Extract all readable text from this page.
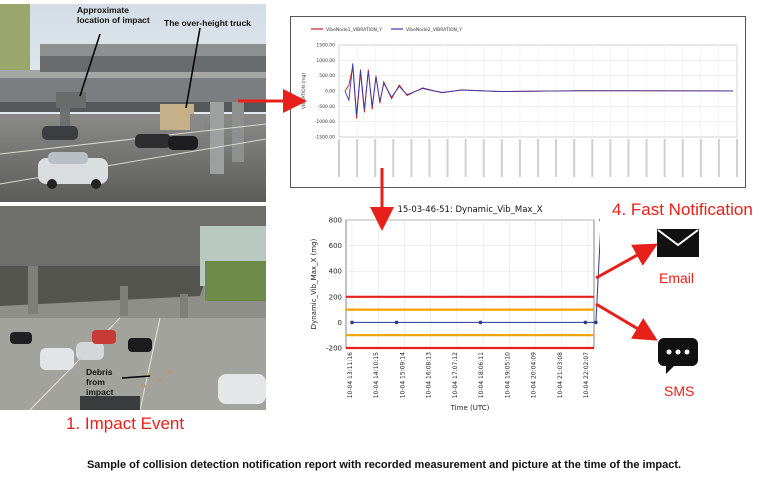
Approximate location of impact	The over-height truck
Debris from impact
1. Impact Event
4. Fast Notification
VibeNode1_VIBRATION_Y	VibeNode2_VIBRATION_Y
1500.00
1000.00
500.00
0.00
-500.00
-1000.00
-1500.00
VIBRATION (mg)
15-03-46-51: Dynamic_Vib_Max_X
800
600
400
200
0
-200
10-04 13:11:16	10-04 14:10:15	10-04 15:09:14	10-04 16:08:13	10-04 17:07:12	10-04 18:06:11	10-04 19:05:10	10-04 20:04:09	10-04 21:03:08	10-04 22:02:07
Dynamic_Vib_Max_X (mg)
Time (UTC)
Email
SMS
Sample of collision detection notification report with recorded measurement and picture at the time of the impact.
